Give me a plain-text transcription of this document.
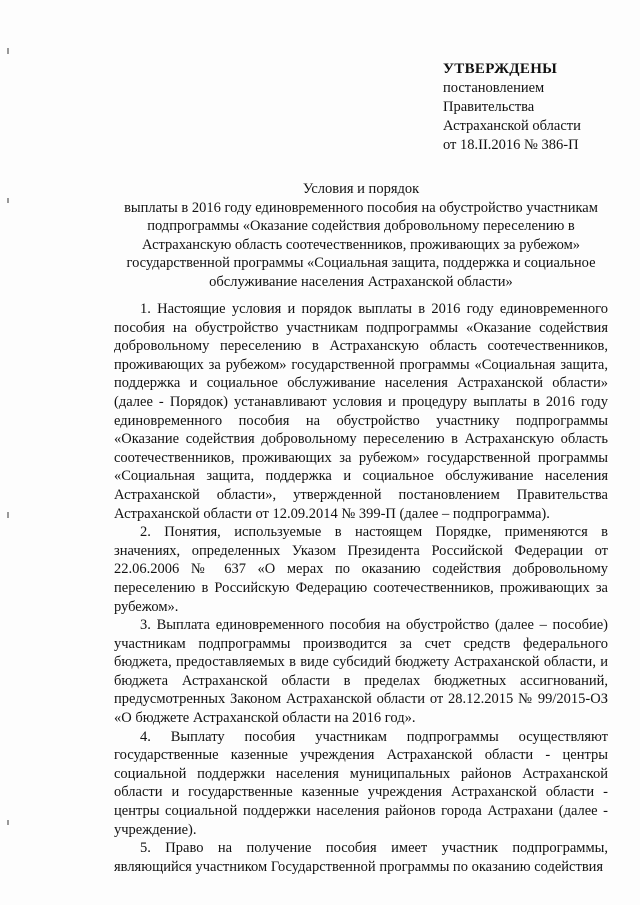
УТВЕРЖДЕНЫ
постановлением
Правительства
Астраханской области
от 18.II.2016 № 386-П
Условия и порядок
выплаты в 2016 году единовременного пособия на обустройство участникам подпрограммы «Оказание содействия добровольному переселению в Астраханскую область соотечественников, проживающих за рубежом» государственной программы «Социальная защита, поддержка и социальное обслуживание населения Астраханской области»

1. Настоящие условия и порядок выплаты в 2016 году единовременного пособия на обустройство участникам подпрограммы «Оказание содействия добровольному переселению в Астраханскую область соотечественников, проживающих за рубежом» государственной программы «Социальная защита, поддержка и социальное обслуживание населения Астраханской области» (далее - Порядок) устанавливают условия и процедуру выплаты в 2016 году единовременного пособия на обустройство участнику подпрограммы «Оказание содействия добровольному переселению в Астраханскую область соотечественников, проживающих за рубежом» государственной программы «Социальная защита, поддержка и социальное обслуживание населения Астраханской области», утвержденной постановлением Правительства Астраханской области от 12.09.2014 № 399-П (далее – подпрограмма).

2. Понятия, используемые в настоящем Порядке, применяются в значениях, определенных Указом Президента Российской Федерации от 22.06.2006 № 637 «О мерах по оказанию содействия добровольному переселению в Российскую Федерацию соотечественников, проживающих за рубежом».

3. Выплата единовременного пособия на обустройство (далее – пособие) участникам подпрограммы производится за счет средств федерального бюджета, предоставляемых в виде субсидий бюджету Астраханской области, и бюджета Астраханской области в пределах бюджетных ассигнований, предусмотренных Законом Астраханской области от 28.12.2015 № 99/2015-ОЗ «О бюджете Астраханской области на 2016 год».

4. Выплату пособия участникам подпрограммы осуществляют государственные казенные учреждения Астраханской области - центры социальной поддержки населения муниципальных районов Астраханской области и государственные казенные учреждения Астраханской области - центры социальной поддержки населения районов города Астрахани (далее - учреждение).

5. Право на получение пособия имеет участник подпрограммы, являющийся участником Государственной программы по оказанию содействия
